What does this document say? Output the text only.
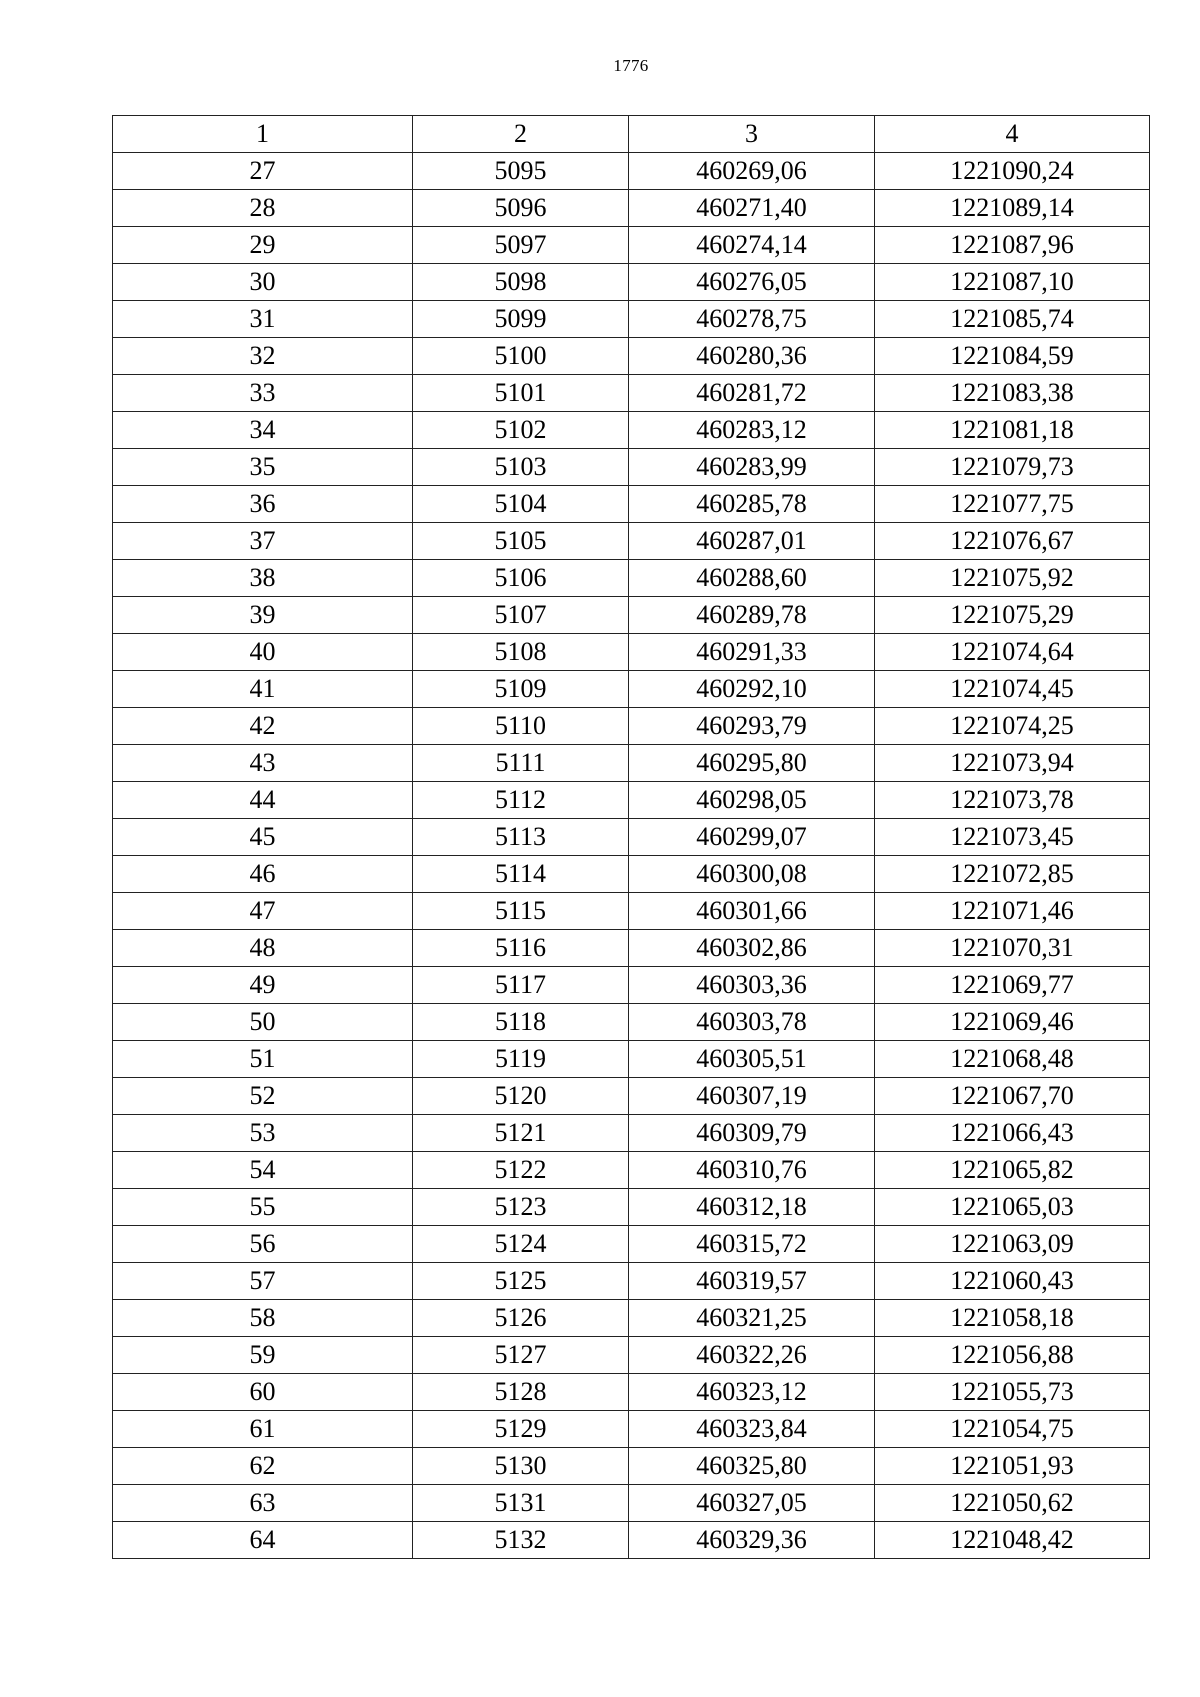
1776
1	2	3	4
27	5095	460269,06	1221090,24
28	5096	460271,40	1221089,14
29	5097	460274,14	1221087,96
30	5098	460276,05	1221087,10
31	5099	460278,75	1221085,74
32	5100	460280,36	1221084,59
33	5101	460281,72	1221083,38
34	5102	460283,12	1221081,18
35	5103	460283,99	1221079,73
36	5104	460285,78	1221077,75
37	5105	460287,01	1221076,67
38	5106	460288,60	1221075,92
39	5107	460289,78	1221075,29
40	5108	460291,33	1221074,64
41	5109	460292,10	1221074,45
42	5110	460293,79	1221074,25
43	5111	460295,80	1221073,94
44	5112	460298,05	1221073,78
45	5113	460299,07	1221073,45
46	5114	460300,08	1221072,85
47	5115	460301,66	1221071,46
48	5116	460302,86	1221070,31
49	5117	460303,36	1221069,77
50	5118	460303,78	1221069,46
51	5119	460305,51	1221068,48
52	5120	460307,19	1221067,70
53	5121	460309,79	1221066,43
54	5122	460310,76	1221065,82
55	5123	460312,18	1221065,03
56	5124	460315,72	1221063,09
57	5125	460319,57	1221060,43
58	5126	460321,25	1221058,18
59	5127	460322,26	1221056,88
60	5128	460323,12	1221055,73
61	5129	460323,84	1221054,75
62	5130	460325,80	1221051,93
63	5131	460327,05	1221050,62
64	5132	460329,36	1221048,42
